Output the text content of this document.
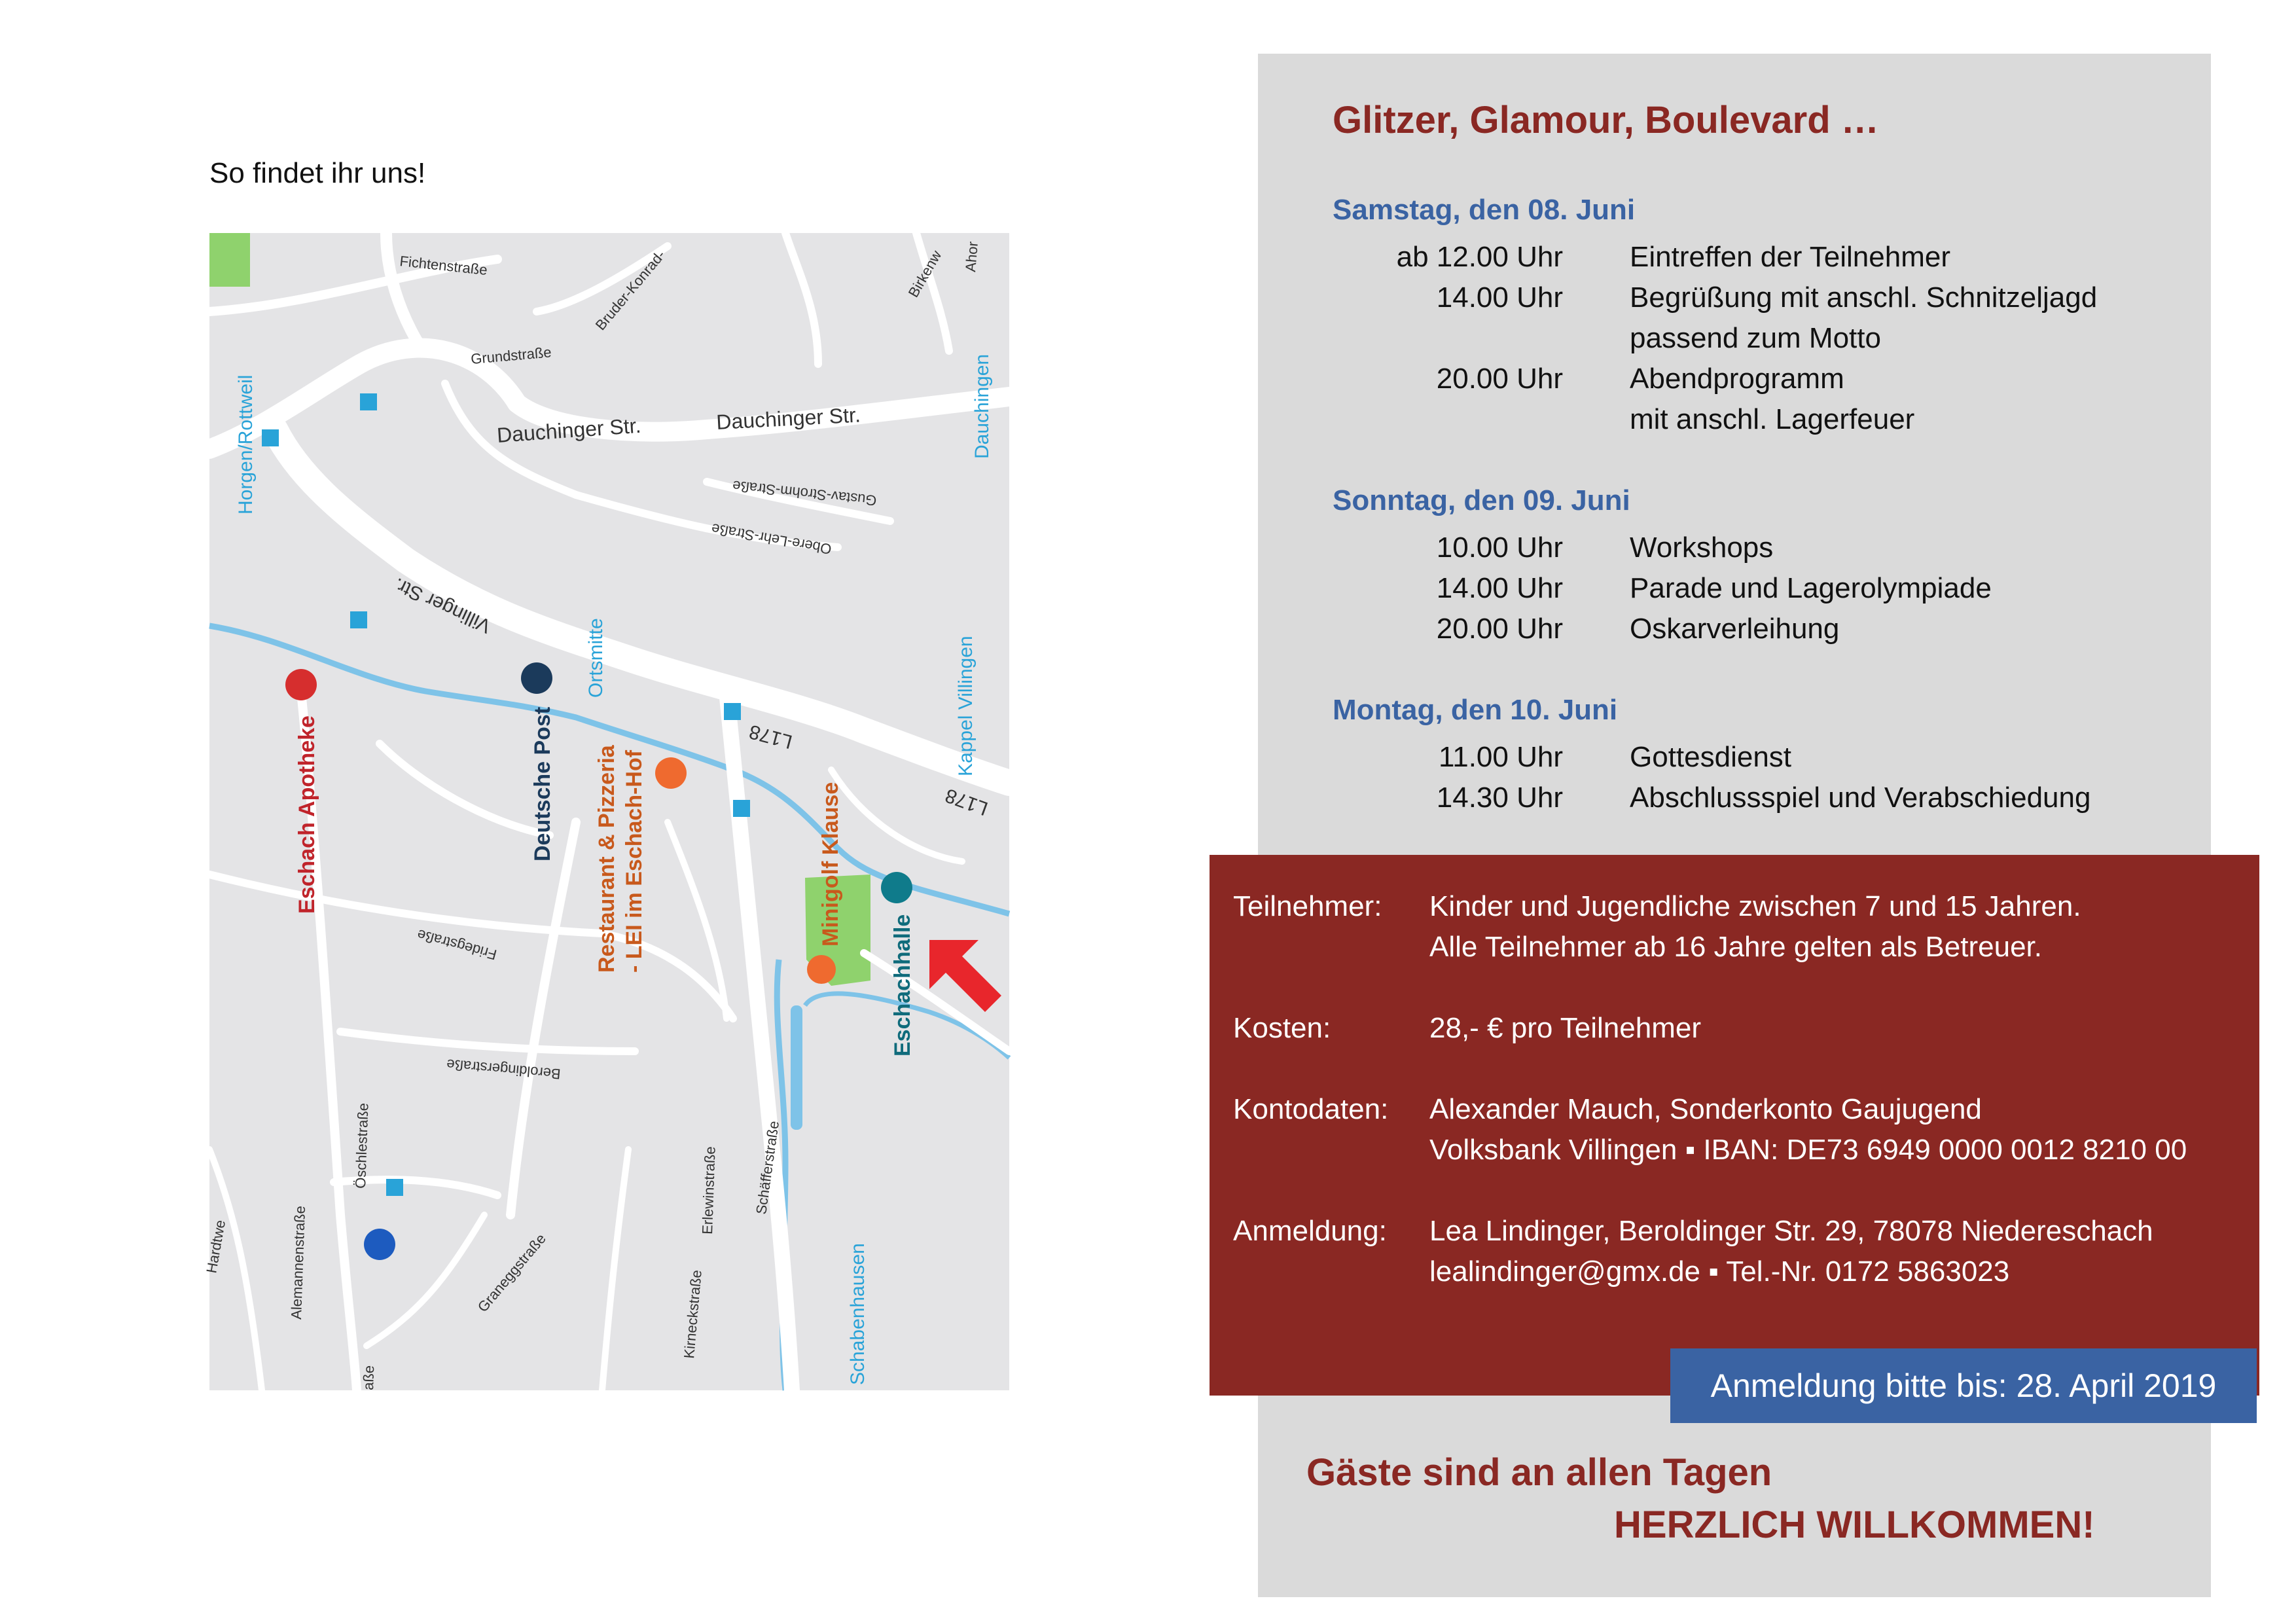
So findet ihr uns!
Fichtenstraße	Bruder-Konrad-	Birkenw Ahor
Grundstraße
Dauchinger Str.	Dauchinger Str.
Gustav-Strohm-Straße
Obere-Lehr-Straße
Villinger Str.
L178
L178
Fridegstraße
Beroldingerstraße
Öschlestraße
Alemannenstraße
Hardtwe	Graneggstraße
Erlewinstraße Schäfferstraße
Kirneckstraße
aße
Horgen/Rottweil	Dauchingen
Ortsmitte	Kappel Villingen
Schabenhausen
Eschach Apotheke	Deutsche Post Restaurant & Pizzeria - LEI im Eschach-Hof	Minigolf Klause
Eschachhalle
Glitzer, Glamour, Boulevard …
Samstag, den 08. Juni
ab 12.00 Uhr Eintreffen der Teilnehmer
14.00 Uhr Begrüßung mit anschl. Schnitzeljagd
passend zum Motto
20.00 Uhr Abendprogramm
mit anschl. Lagerfeuer
Sonntag, den 09. Juni
10.00 Uhr Workshops
14.00 Uhr Parade und Lagerolympiade
20.00 Uhr Oskarverleihung
Montag, den 10. Juni
11.00 Uhr Gottesdienst
14.30 Uhr Abschlussspiel und Verabschiedung
Teilnehmer: Kinder und Jugendliche zwischen 7 und 15 Jahren.
Alle Teilnehmer ab 16 Jahre gelten als Betreuer.
Kosten:	28,- € pro Teilnehmer
Kontodaten: Alexander Mauch, Sonderkonto Gaujugend
Volksbank Villingen ▪ IBAN: DE73 6949 0000 0012 8210 00
Anmeldung: Lea Lindinger, Beroldinger Str. 29, 78078 Niedereschach
lealindinger@gmx.de ▪ Tel.-Nr. 0172 5863023
Anmeldung bitte bis: 28. April 2019
Gäste sind an allen Tagen
HERZLICH WILLKOMMEN!
